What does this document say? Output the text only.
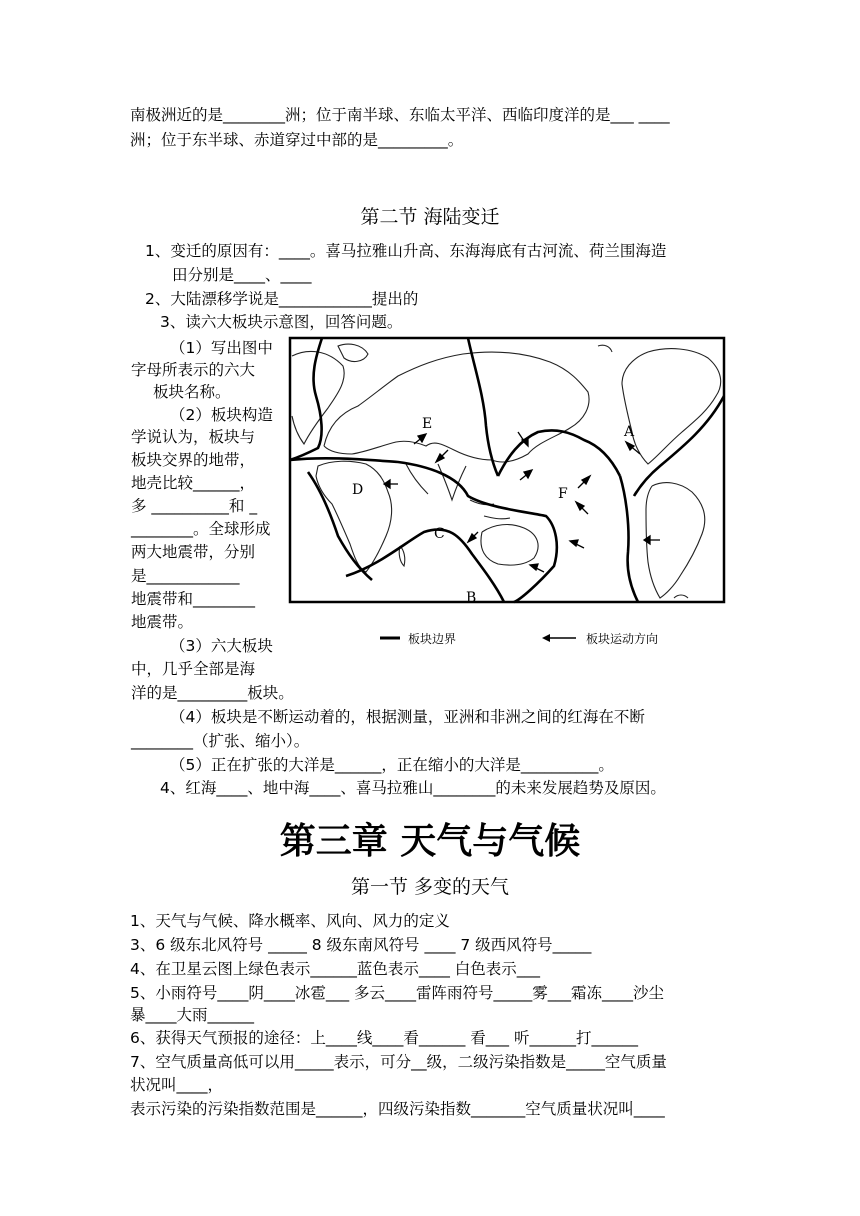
南极洲近的是________洲；位于南半球、东临太平洋、西临印度洋的是___ ____
洲；位于东半球、赤道穿过中部的是_________。
第二节 海陆变迁
1、变迁的原因有：____。喜马拉雅山升高、东海海底有古河流、荷兰围海造
田分别是____、____
2、大陆漂移学说是____________提出的
3、读六大板块示意图，回答问题。
（1）写出图中
字母所表示的六大
板块名称。
（2）板块构造
学说认为，板块与
板块交界的地带，
地壳比较______，
多 __________和 _
________。全球形成
两大地震带，分别
是____________
地震带和________
地震带。
（3）六大板块
中，几乎全部是海
洋的是_________板块。
（4）板块是不断运动着的，根据测量，亚洲和非洲之间的红海在不断
________（扩张、缩小）。
（5）正在扩张的大洋是______，正在缩小的大洋是__________。
4、红海____、地中海____、喜马拉雅山________的未来发展趋势及原因。
A
B
C
D
E
F
板块边界	板块运动方向
第三章 天气与气候
第一节 多变的天气
1、天气与气候、降水概率、风向、风力的定义
3、6 级东北风符号 _____ 8 级东南风符号 ____ 7 级西风符号_____
4、在卫星云图上绿色表示______蓝色表示____ 白色表示___
5、小雨符号____阴____冰雹___ 多云____雷阵雨符号_____雾___霜冻____沙尘
暴____大雨______
6、获得天气预报的途径：上____线____看______ 看___ 听______打______
7、空气质量高低可以用_____表示，可分__级，二级污染指数是_____空气质量
状况叫____，
表示污染的污染指数范围是______，四级污染指数_______空气质量状况叫____
